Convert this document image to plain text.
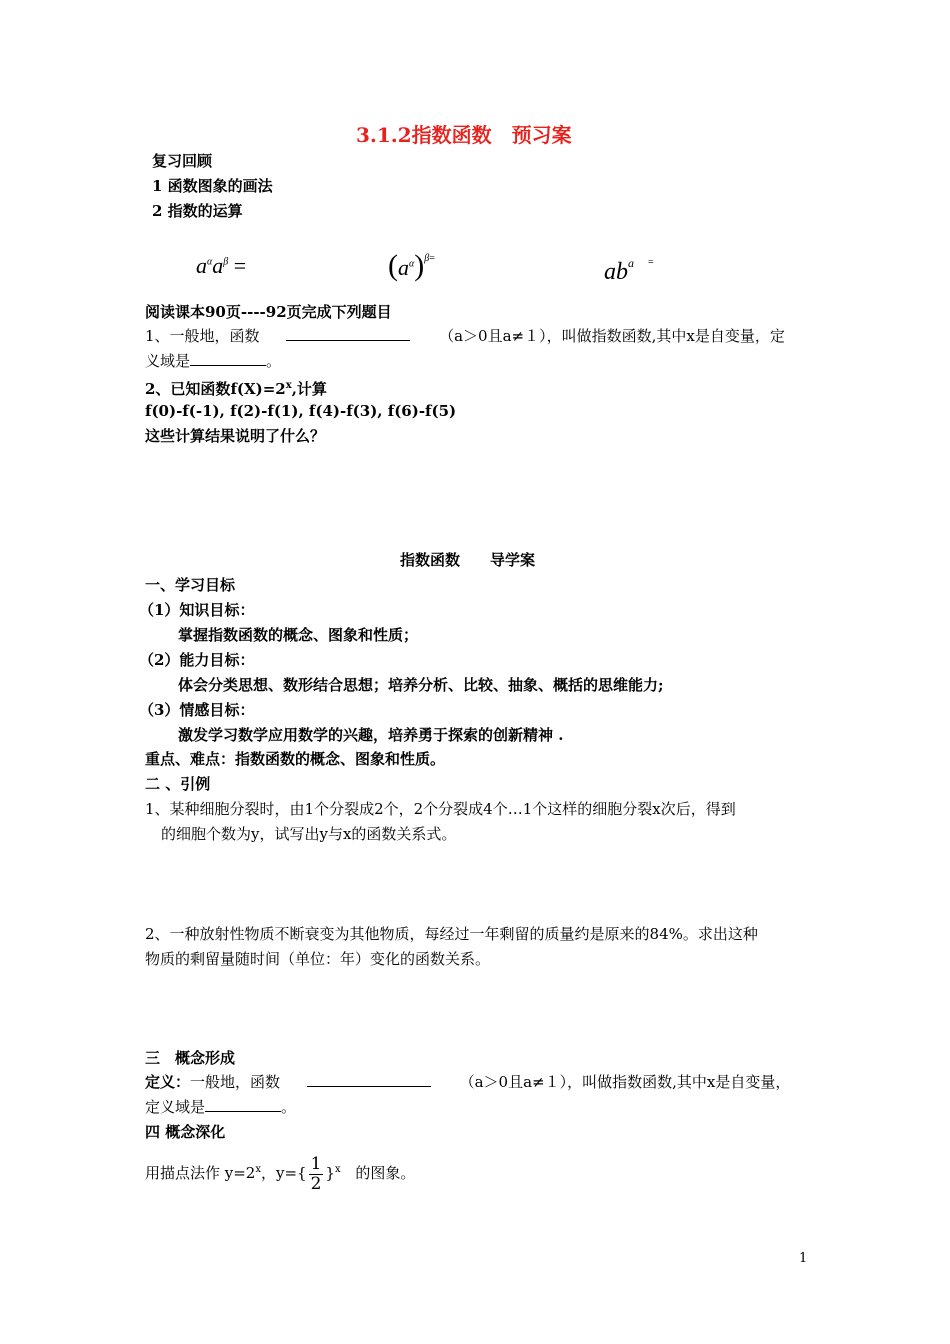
3.1.2指数函数　预习案
复习回顾
1 函数图象的画法
2 指数的运算
$a^\alpha a^\beta$ =	$(a^\alpha)^{\beta=}$
$ab^a$ =
阅读课本90页----92页完成下列题目
1、一般地，函数	（a＞0且a≠１），叫做指数函数,其中x是自变量，定
义域是	。
2、已知函数$f(X)=2^x$,计算
f(0)-f(-1), f(2)-f(1), f(4)-f(3), f(6)-f(5)
这些计算结果说明了什么？
指数函数　　导学案
一、学习目标
（1）知识目标：
掌握指数函数的概念、图象和性质；
（2）能力目标：
体会分类思想、数形结合思想；培养分析、比较、抽象、概括的思维能力;
（3）情感目标：
激发学习数学应用数学的兴趣，培养勇于探索的创新精神 .
重点、难点：指数函数的概念、图象和性质。
二 、引例
1、某种细胞分裂时，由1个分裂成2个，2个分裂成4个…1个这样的细胞分裂x次后，得到
的细胞个数为y，试写出y与x的函数关系式。
2、一种放射性物质不断衰变为其他物质，每经过一年剩留的质量约是原来的84%。求出这种
物质的剩留量随时间（单位：年）变化的函数关系。
三　概念形成
定义：一般地，函数	（a＞0且a≠１），叫做指数函数,其中x是自变量，
定义域是	。
四 概念深化
用描点法作 $y=2^x$，$y=\{ \frac{1}{2} \}^x$ 的图象。
1
